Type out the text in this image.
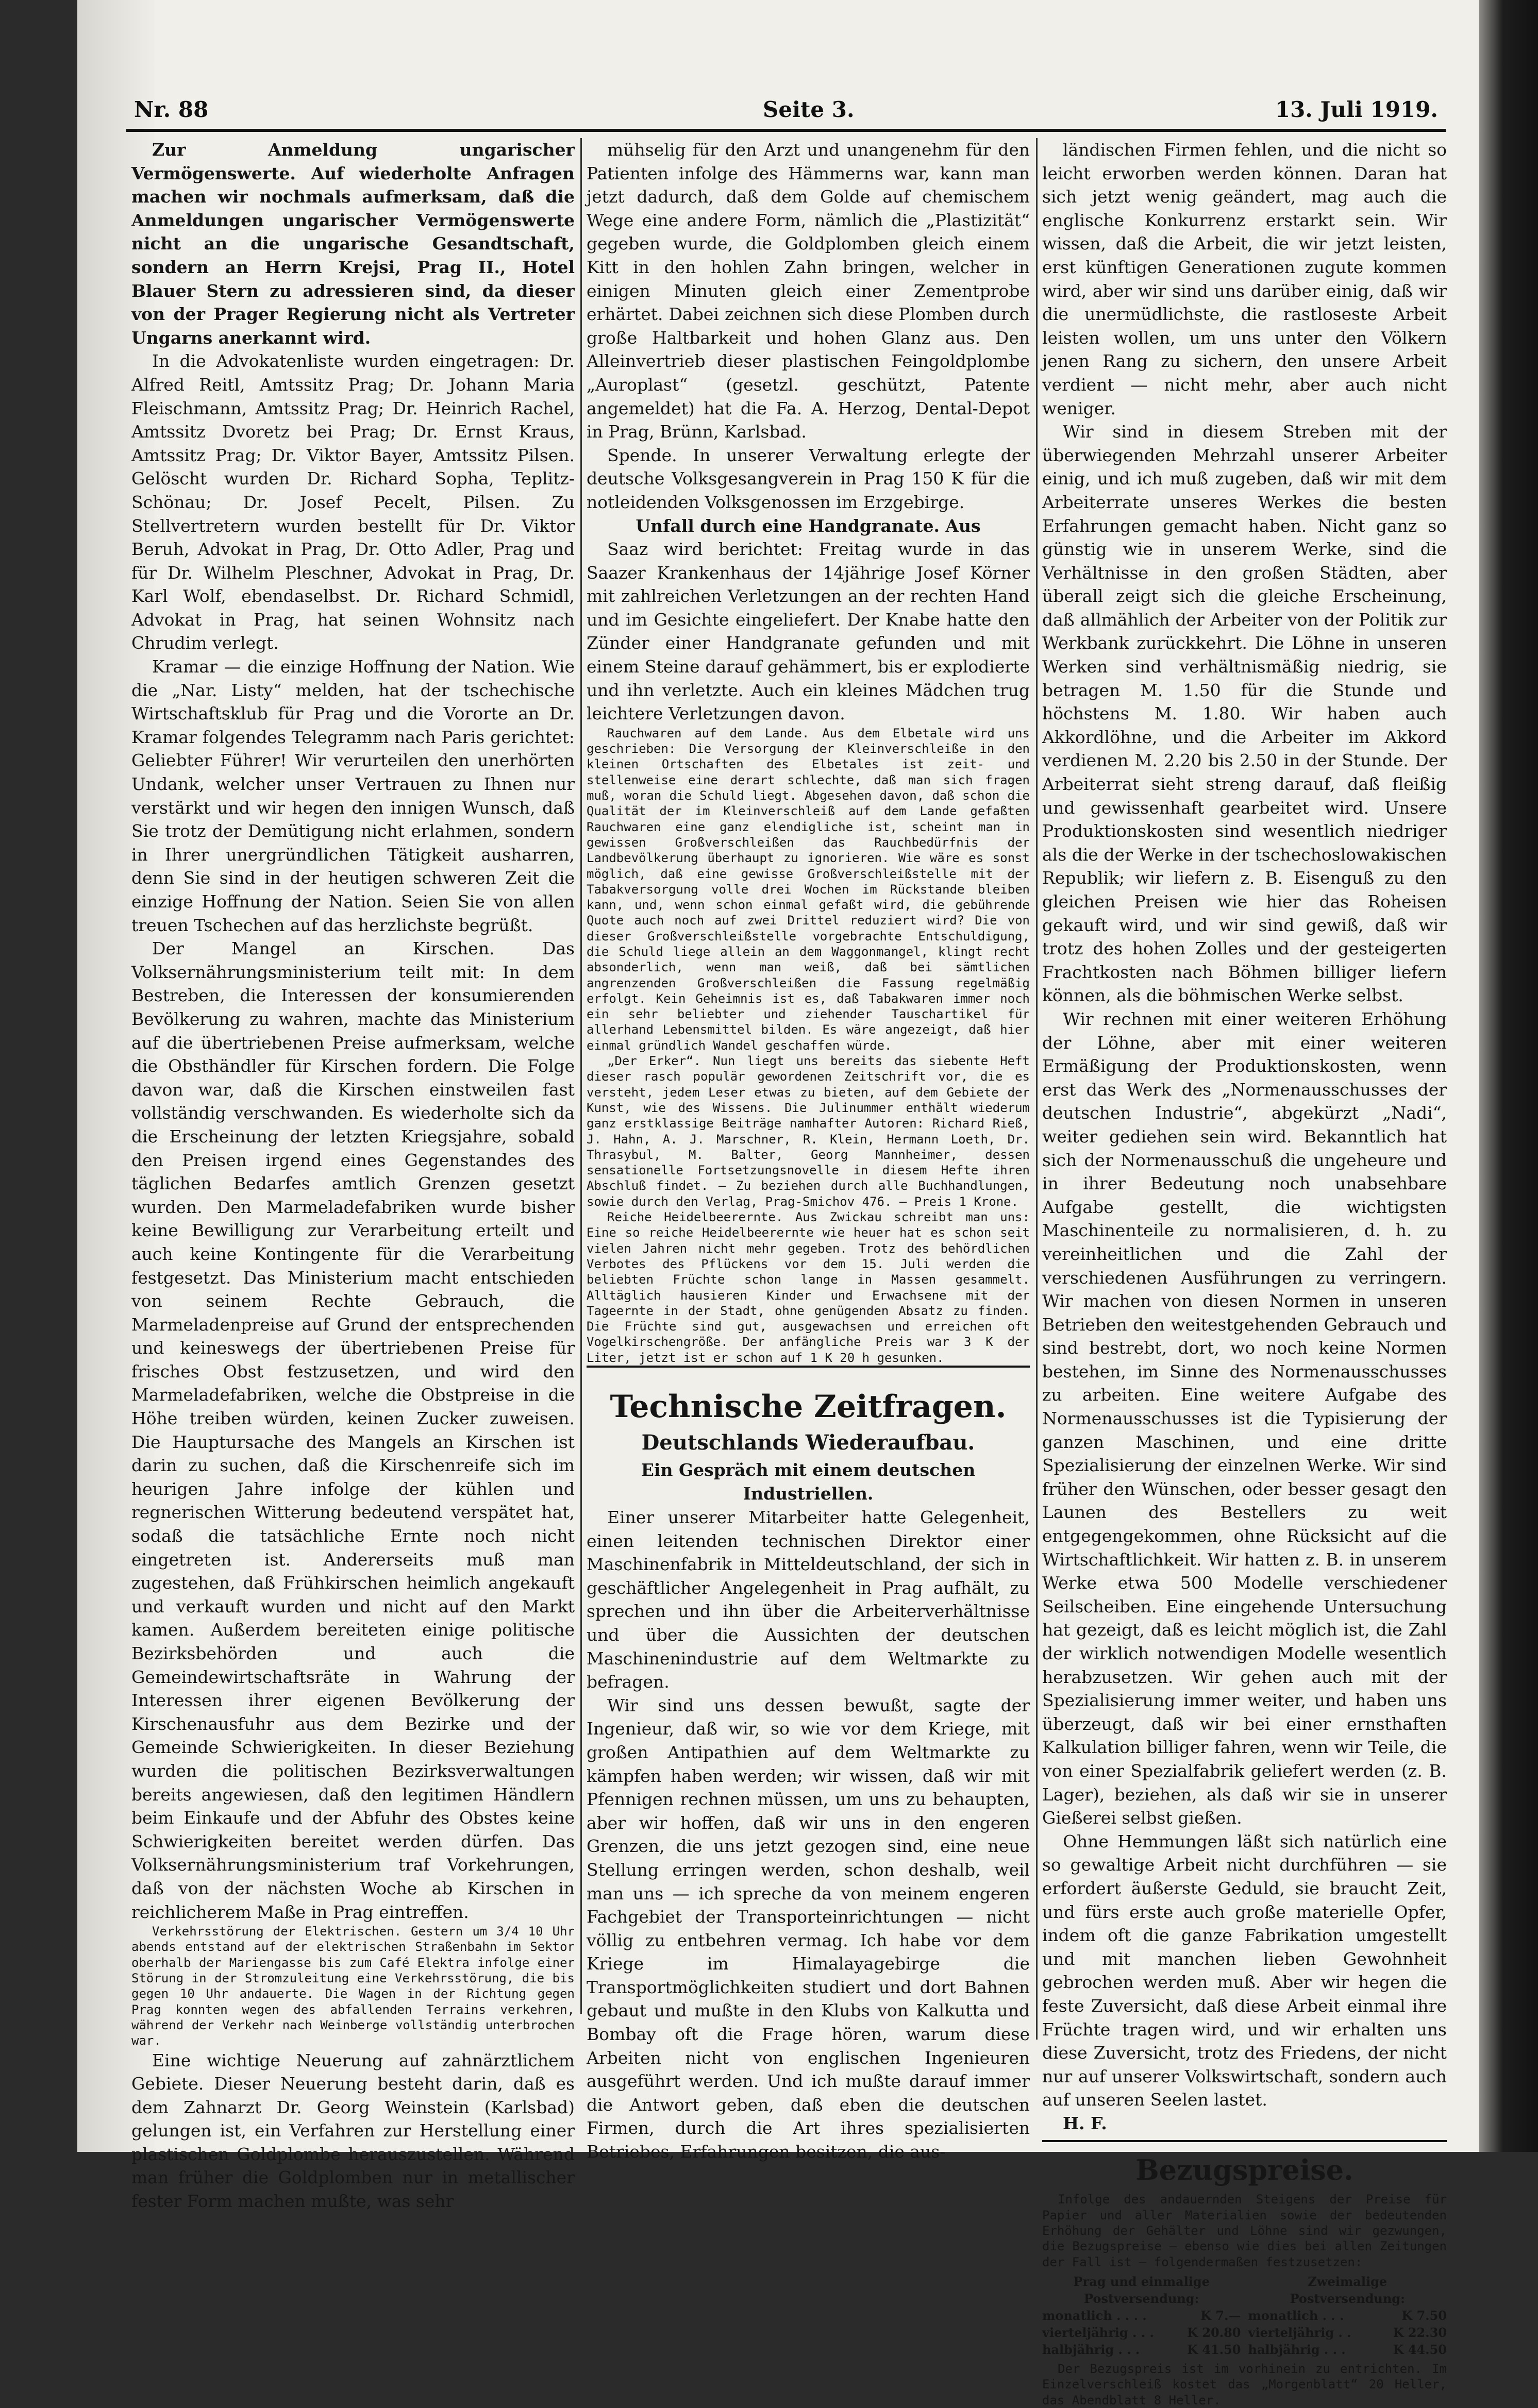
Nr. 88	Seite 3.	13. Juli 1919.

Zur Anmeldung ungarischer Vermögenswerte. Auf wiederholte Anfragen machen wir nochmals aufmerksam, daß die Anmeldungen ungarischer Vermögenswerte nicht an die ungarische Gesandtschaft, sondern an Herrn Krejsi, Prag II., Hotel Blauer Stern zu adressieren sind, da dieser von der Prager Regierung nicht als Vertreter Ungarns anerkannt wird.

In die Advokatenliste wurden eingetragen: Dr. Alfred Reitl, Amtssitz Prag; Dr. Johann Maria Fleischmann, Amtssitz Prag; Dr. Heinrich Rachel, Amtssitz Dvoretz bei Prag; Dr. Ernst Kraus, Amtssitz Prag; Dr. Viktor Bayer, Amtssitz Pilsen. Gelöscht wurden Dr. Richard Sopha, Teplitz-Schönau; Dr. Josef Pecelt, Pilsen. Zu Stellvertretern wurden bestellt für Dr. Viktor Beruh, Advokat in Prag, Dr. Otto Adler, Prag und für Dr. Wilhelm Pleschner, Advokat in Prag, Dr. Karl Wolf, ebendaselbst. Dr. Richard Schmidl, Advokat in Prag, hat seinen Wohnsitz nach Chrudim verlegt.

Kramar — die einzige Hoffnung der Nation. Wie die „Nar. Listy“ melden, hat der tschechische Wirtschaftsklub für Prag und die Vororte an Dr. Kramar folgendes Telegramm nach Paris gerichtet: Geliebter Führer! Wir verurteilen den unerhörten Undank, welcher unser Vertrauen zu Ihnen nur verstärkt und wir hegen den innigen Wunsch, daß Sie trotz der Demütigung nicht erlahmen, sondern in Ihrer unergründlichen Tätigkeit ausharren, denn Sie sind in der heutigen schweren Zeit die einzige Hoffnung der Nation. Seien Sie von allen treuen Tschechen auf das herzlichste begrüßt.

Der Mangel an Kirschen. Das Volksernährungsministerium teilt mit: In dem Bestreben, die Interessen der konsumierenden Bevölkerung zu wahren, machte das Ministerium auf die übertriebenen Preise aufmerksam, welche die Obsthändler für Kirschen fordern. Die Folge davon war, daß die Kirschen einstweilen fast vollständig verschwanden. Es wiederholte sich da die Erscheinung der letzten Kriegsjahre, sobald den Preisen irgend eines Gegenstandes des täglichen Bedarfes amtlich Grenzen gesetzt wurden. Den Marmeladefabriken wurde bisher keine Bewilligung zur Verarbeitung erteilt und auch keine Kontingente für die Verarbeitung festgesetzt. Das Ministerium macht entschieden von seinem Rechte Gebrauch, die Marmeladenpreise auf Grund der entsprechenden und keineswegs der übertriebenen Preise für frisches Obst festzusetzen, und wird den Marmeladefabriken, welche die Obstpreise in die Höhe treiben würden, keinen Zucker zuweisen. Die Hauptursache des Mangels an Kirschen ist darin zu suchen, daß die Kirschenreife sich im heurigen Jahre infolge der kühlen und regnerischen Witterung bedeutend verspätet hat, sodaß die tatsächliche Ernte noch nicht eingetreten ist. Andererseits muß man zugestehen, daß Frühkirschen heimlich angekauft und verkauft wurden und nicht auf den Markt kamen. Außerdem bereiteten einige politische Bezirksbehörden und auch die Gemeindewirtschaftsräte in Wahrung der Interessen ihrer eigenen Bevölkerung der Kirschenausfuhr aus dem Bezirke und der Gemeinde Schwierigkeiten. In dieser Beziehung wurden die politischen Bezirksverwaltungen bereits angewiesen, daß den legitimen Händlern beim Einkaufe und der Abfuhr des Obstes keine Schwierigkeiten bereitet werden dürfen. Das Volksernährungsministerium traf Vorkehrungen, daß von der nächsten Woche ab Kirschen in reichlicherem Maße in Prag eintreffen.

Verkehrsstörung der Elektrischen. Gestern um 3/4 10 Uhr abends entstand auf der elektrischen Straßenbahn im Sektor oberhalb der Mariengasse bis zum Café Elektra infolge einer Störung in der Stromzuleitung eine Verkehrsstörung, die bis gegen 10 Uhr andauerte. Die Wagen in der Richtung gegen Prag konnten wegen des abfallenden Terrains verkehren, während der Verkehr nach Weinberge vollständig unterbrochen war.

Eine wichtige Neuerung auf zahnärztlichem Gebiete. Dieser Neuerung besteht darin, daß es dem Zahnarzt Dr. Georg Weinstein (Karlsbad) gelungen ist, ein Verfahren zur Herstellung einer plastischen Goldplombe herauszustellen. Während man früher die Goldplomben nur in metallischer fester Form machen mußte, was sehr

mühselig für den Arzt und unangenehm für den Patienten infolge des Hämmerns war, kann man jetzt dadurch, daß dem Golde auf chemischem Wege eine andere Form, nämlich die „Plastizität“ gegeben wurde, die Goldplomben gleich einem Kitt in den hohlen Zahn bringen, welcher in einigen Minuten gleich einer Zementprobe erhärtet. Dabei zeichnen sich diese Plomben durch große Haltbarkeit und hohen Glanz aus. Den Alleinvertrieb dieser plastischen Feingoldplombe „Auroplast“ (gesetzl. geschützt, Patente angemeldet) hat die Fa. A. Herzog, Dental-Depot in Prag, Brünn, Karlsbad.

Spende. In unserer Verwaltung erlegte der deutsche Volksgesangverein in Prag 150 K für die notleidenden Volksgenossen im Erzgebirge.

Unfall durch eine Handgranate. Aus

Saaz wird berichtet: Freitag wurde in das Saazer Krankenhaus der 14jährige Josef Körner mit zahlreichen Verletzungen an der rechten Hand und im Gesichte eingeliefert. Der Knabe hatte den Zünder einer Handgranate gefunden und mit einem Steine darauf gehämmert, bis er explodierte und ihn verletzte. Auch ein kleines Mädchen trug leichtere Verletzungen davon.

Rauchwaren auf dem Lande. Aus dem Elbetale wird uns geschrieben: Die Versorgung der Kleinverschleiße in den kleinen Ortschaften des Elbetales ist zeit- und stellenweise eine derart schlechte, daß man sich fragen muß, woran die Schuld liegt. Abgesehen davon, daß schon die Qualität der im Kleinverschleiß auf dem Lande gefaßten Rauchwaren eine ganz elendigliche ist, scheint man in gewissen Großverschleißen das Rauchbedürfnis der Landbevölkerung überhaupt zu ignorieren. Wie wäre es sonst möglich, daß eine gewisse Großverschleißstelle mit der Tabakversorgung volle drei Wochen im Rückstande bleiben kann, und, wenn schon einmal gefaßt wird, die gebührende Quote auch noch auf zwei Drittel reduziert wird? Die von dieser Großverschleißstelle vorgebrachte Entschuldigung, die Schuld liege allein an dem Waggonmangel, klingt recht absonderlich, wenn man weiß, daß bei sämtlichen angrenzenden Großverschleißen die Fassung regelmäßig erfolgt. Kein Geheimnis ist es, daß Tabakwaren immer noch ein sehr beliebter und ziehender Tauschartikel für allerhand Lebensmittel bilden. Es wäre angezeigt, daß hier einmal gründlich Wandel geschaffen würde.

„Der Erker“. Nun liegt uns bereits das siebente Heft dieser rasch populär gewordenen Zeitschrift vor, die es versteht, jedem Leser etwas zu bieten, auf dem Gebiete der Kunst, wie des Wissens. Die Julinummer enthält wiederum ganz erstklassige Beiträge namhafter Autoren: Richard Rieß, J. Hahn, A. J. Marschner, R. Klein, Hermann Loeth, Dr. Thrasybul, M. Balter, Georg Mannheimer, dessen sensationelle Fortsetzungsnovelle in diesem Hefte ihren Abschluß findet. — Zu beziehen durch alle Buchhandlungen, sowie durch den Verlag, Prag-Smichov 476. — Preis 1 Krone.

Reiche Heidelbeerernte. Aus Zwickau schreibt man uns: Eine so reiche Heidelbeerernte wie heuer hat es schon seit vielen Jahren nicht mehr gegeben. Trotz des behördlichen Verbotes des Pflückens vor dem 15. Juli werden die beliebten Früchte schon lange in Massen gesammelt. Alltäglich hausieren Kinder und Erwachsene mit der Tageernte in der Stadt, ohne genügenden Absatz zu finden. Die Früchte sind gut, ausgewachsen und erreichen oft Vogelkirschengröße. Der anfängliche Preis war 3 K der Liter, jetzt ist er schon auf 1 K 20 h gesunken.

Technische Zeitfragen.

Deutschlands Wiederaufbau.

Ein Gespräch mit einem deutschen Industriellen.

Einer unserer Mitarbeiter hatte Gelegenheit, einen leitenden technischen Direktor einer Maschinenfabrik in Mitteldeutschland, der sich in geschäftlicher Angelegenheit in Prag aufhält, zu sprechen und ihn über die Arbeiterverhältnisse und über die Aussichten der deutschen Maschinenindustrie auf dem Weltmarkte zu befragen.

Wir sind uns dessen bewußt, sagte der Ingenieur, daß wir, so wie vor dem Kriege, mit großen Antipathien auf dem Weltmarkte zu kämpfen haben werden; wir wissen, daß wir mit Pfennigen rechnen müssen, um uns zu behaupten, aber wir hoffen, daß wir uns in den engeren Grenzen, die uns jetzt gezogen sind, eine neue Stellung erringen werden, schon deshalb, weil man uns — ich spreche da von meinem engeren Fachgebiet der Transporteinrichtungen — nicht völlig zu entbehren vermag. Ich habe vor dem Kriege im Himalayagebirge die Transportmöglichkeiten studiert und dort Bahnen gebaut und mußte in den Klubs von Kalkutta und Bombay oft die Frage hören, warum diese Arbeiten nicht von englischen Ingenieuren ausgeführt werden. Und ich mußte darauf immer die Antwort geben, daß eben die deutschen Firmen, durch die Art ihres spezialisierten Betriebes, Erfahrungen besitzen, die aus-

ländischen Firmen fehlen, und die nicht so leicht erworben werden können. Daran hat sich jetzt wenig geändert, mag auch die englische Konkurrenz erstarkt sein. Wir wissen, daß die Arbeit, die wir jetzt leisten, erst künftigen Generationen zugute kommen wird, aber wir sind uns darüber einig, daß wir die unermüdlichste, die rastloseste Arbeit leisten wollen, um uns unter den Völkern jenen Rang zu sichern, den unsere Arbeit verdient — nicht mehr, aber auch nicht weniger.

Wir sind in diesem Streben mit der überwiegenden Mehrzahl unserer Arbeiter einig, und ich muß zugeben, daß wir mit dem Arbeiterrate unseres Werkes die besten Erfahrungen gemacht haben. Nicht ganz so günstig wie in unserem Werke, sind die Verhältnisse in den großen Städten, aber überall zeigt sich die gleiche Erscheinung, daß allmählich der Arbeiter von der Politik zur Werkbank zurückkehrt. Die Löhne in unseren Werken sind verhältnismäßig niedrig, sie betragen M. 1.50 für die Stunde und höchstens M. 1.80. Wir haben auch Akkordlöhne, und die Arbeiter im Akkord verdienen M. 2.20 bis 2.50 in der Stunde. Der Arbeiterrat sieht streng darauf, daß fleißig und gewissenhaft gearbeitet wird. Unsere Produktionskosten sind wesentlich niedriger als die der Werke in der tschechoslowakischen Republik; wir liefern z. B. Eisenguß zu den gleichen Preisen wie hier das Roheisen gekauft wird, und wir sind gewiß, daß wir trotz des hohen Zolles und der gesteigerten Frachtkosten nach Böhmen billiger liefern können, als die böhmischen Werke selbst.

Wir rechnen mit einer weiteren Erhöhung der Löhne, aber mit einer weiteren Ermäßigung der Produktionskosten, wenn erst das Werk des „Normenausschusses der deutschen Industrie“, abgekürzt „Nadi“, weiter gediehen sein wird. Bekanntlich hat sich der Normenausschuß die ungeheure und in ihrer Bedeutung noch unabsehbare Aufgabe gestellt, die wichtigsten Maschinenteile zu normalisieren, d. h. zu vereinheitlichen und die Zahl der verschiedenen Ausführungen zu verringern. Wir machen von diesen Normen in unseren Betrieben den weitestgehenden Gebrauch und sind bestrebt, dort, wo noch keine Normen bestehen, im Sinne des Normenausschusses zu arbeiten. Eine weitere Aufgabe des Normenausschusses ist die Typisierung der ganzen Maschinen, und eine dritte Spezialisierung der einzelnen Werke. Wir sind früher den Wünschen, oder besser gesagt den Launen des Bestellers zu weit entgegengekommen, ohne Rücksicht auf die Wirtschaftlichkeit. Wir hatten z. B. in unserem Werke etwa 500 Modelle verschiedener Seilscheiben. Eine eingehende Untersuchung hat gezeigt, daß es leicht möglich ist, die Zahl der wirklich notwendigen Modelle wesentlich herabzusetzen. Wir gehen auch mit der Spezialisierung immer weiter, und haben uns überzeugt, daß wir bei einer ernsthaften Kalkulation billiger fahren, wenn wir Teile, die von einer Spezialfabrik geliefert werden (z. B. Lager), beziehen, als daß wir sie in unserer Gießerei selbst gießen.

Ohne Hemmungen läßt sich natürlich eine so gewaltige Arbeit nicht durchführen — sie erfordert äußerste Geduld, sie braucht Zeit, und fürs erste auch große materielle Opfer, indem oft die ganze Fabrikation umgestellt und mit manchen lieben Gewohnheit gebrochen werden muß. Aber wir hegen die feste Zuversicht, daß diese Arbeit einmal ihre Früchte tragen wird, und wir erhalten uns diese Zuversicht, trotz des Friedens, der nicht nur auf unserer Volkswirtschaft, sondern auch auf unseren Seelen lastet.

H. F.

Bezugspreise.

Infolge des andauernden Steigens der Preise für Papier und aller Materialien sowie der bedeutenden Erhöhung der Gehälter und Löhne sind wir gezwungen, die Bezugspreise — ebenso wie dies bei allen Zeitungen der Fall ist — folgendermaßen festzusetzen:

Prag und einmalige Postversendung:
monatlich . . . .	K 7.—
vierteljährig . . .	K 20.80
halbjährig . . .	K 41.50
Zweimalige Postversendung:
monatlich . . .	K 7.50
vierteljährig . .	K 22.30
halbjährig . . .	K 44.50

Der Bezugspreis ist im vorhinein zu entrichten. Im Einzelverschleiß kostet das „Morgenblatt“ 20 Heller, das Abendblatt 8 Heller.
